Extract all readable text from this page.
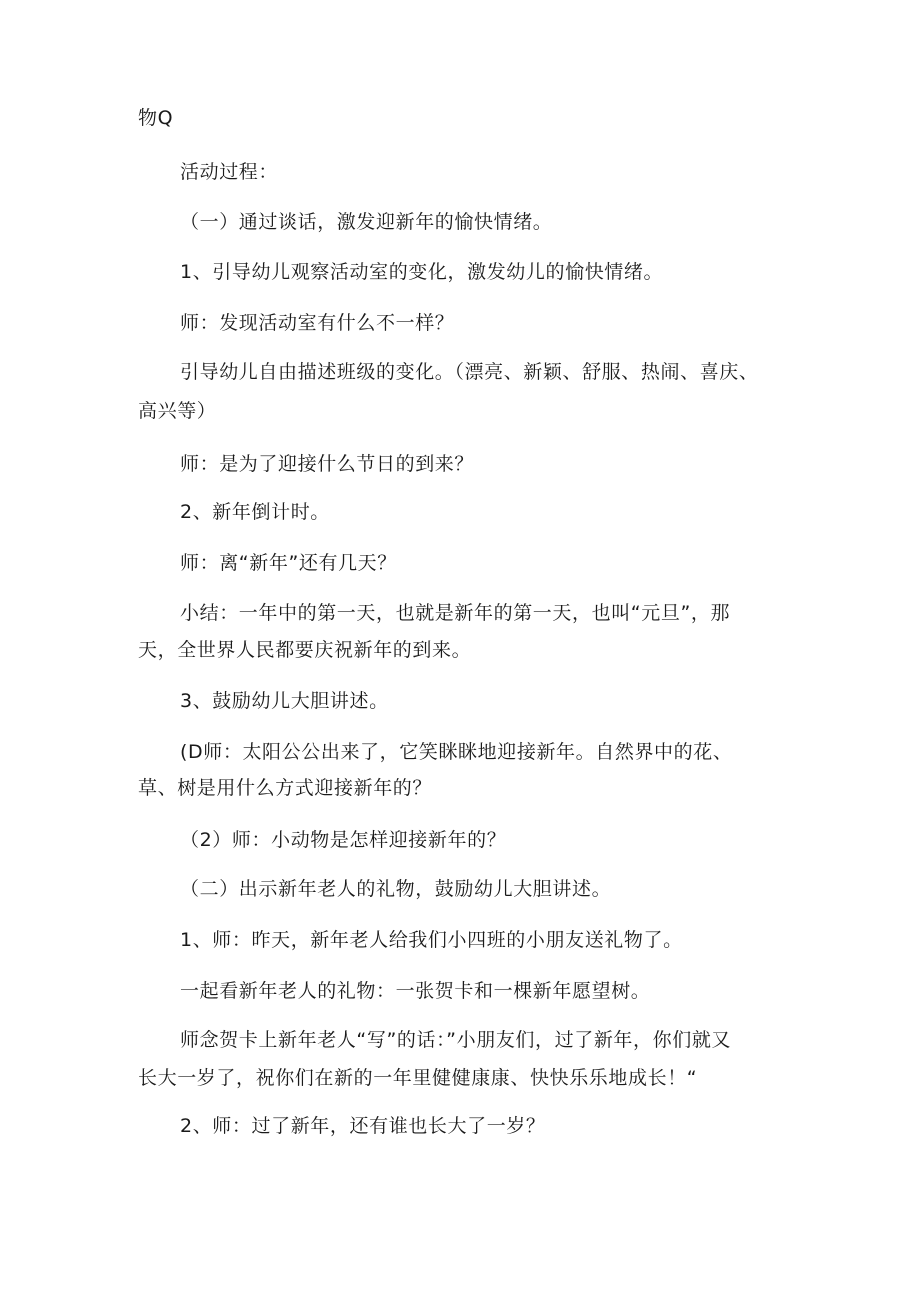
物Q
活动过程：
（一）通过谈话，激发迎新年的愉快情绪。
1、引导幼儿观察活动室的变化，激发幼儿的愉快情绪。
师：发现活动室有什么不一样？
引导幼儿自由描述班级的变化。（漂亮、新颖、舒服、热闹、喜庆、
高兴等）
师：是为了迎接什么节日的到来？
2、新年倒计时。
师：离“新年”还有几天？
小结：一年中的第一天，也就是新年的第一天，也叫“元旦”，那
天，全世界人民都要庆祝新年的到来。
3、鼓励幼儿大胆讲述。
(D师：太阳公公出来了，它笑眯眯地迎接新年。自然界中的花、
草、树是用什么方式迎接新年的？
（2）师：小动物是怎样迎接新年的？
（二）出示新年老人的礼物，鼓励幼儿大胆讲述。
1、师：昨天，新年老人给我们小四班的小朋友送礼物了。
一起看新年老人的礼物：一张贺卡和一棵新年愿望树。
师念贺卡上新年老人“写”的话：”小朋友们，过了新年，你们就又
长大一岁了，祝你们在新的一年里健健康康、快快乐乐地成长！“
2、师：过了新年，还有谁也长大了一岁？
